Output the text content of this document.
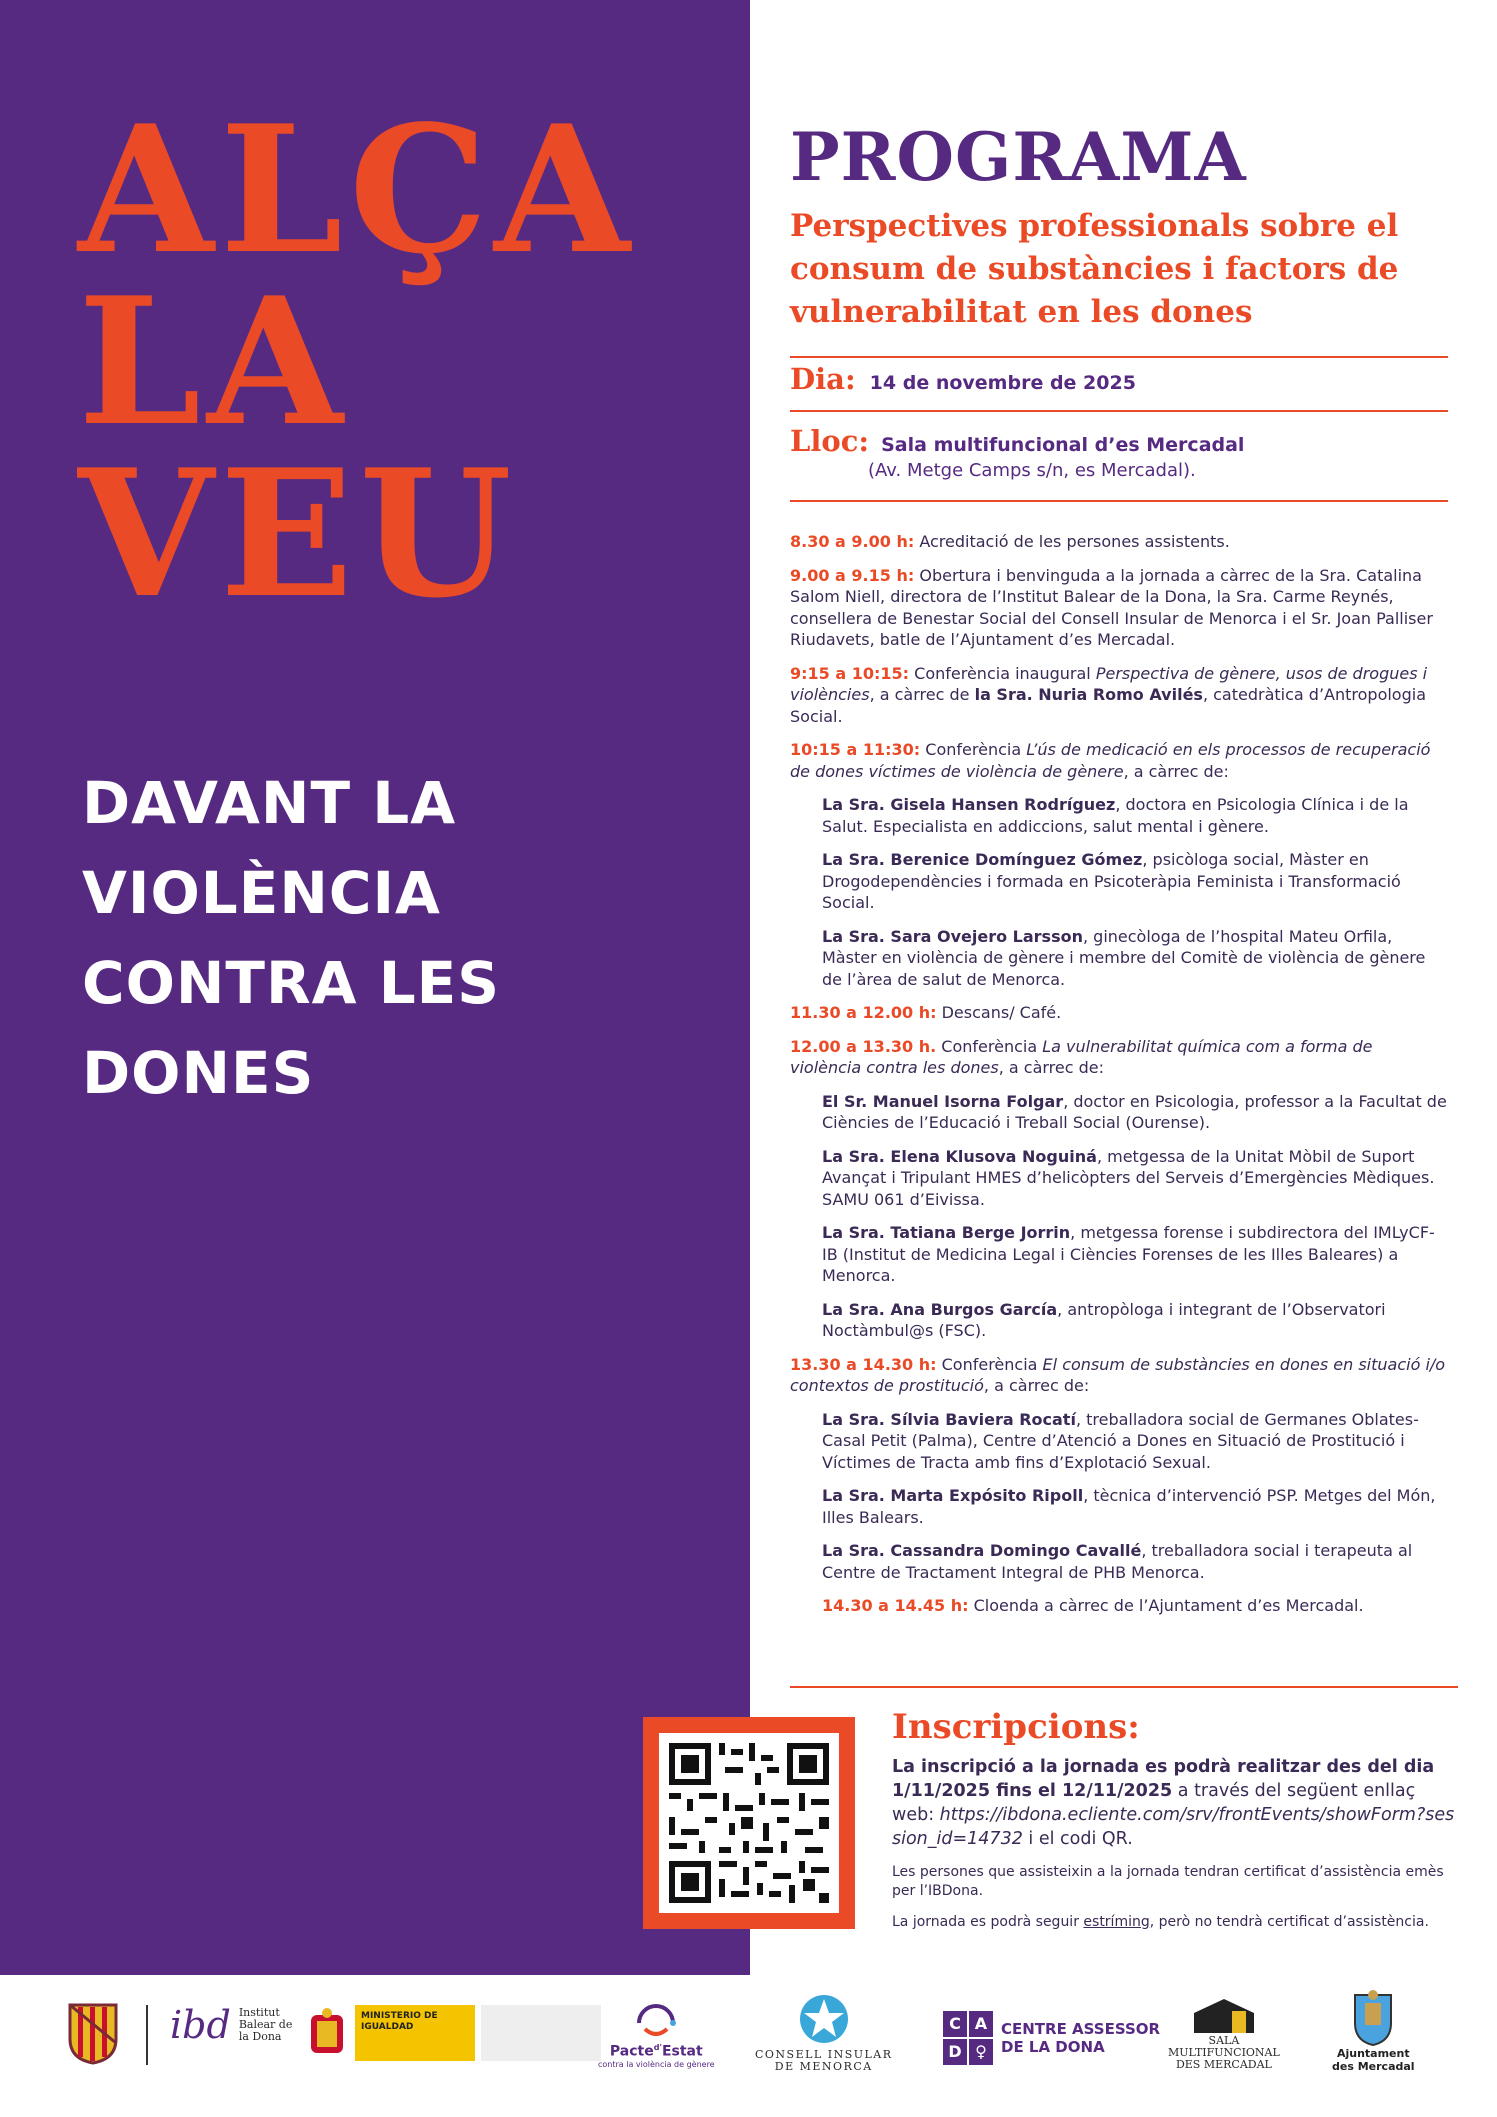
ALÇA
LA
VEU
DAVANT LA VIOLÈNCIA
CONTRA LES DONES
PROGRAMA
Perspectives professionals sobre el consum de substàncies i factors de vulnerabilitat en les dones
Dia: 14 de novembre de 2025
Lloc: Sala multifuncional d’es Mercadal
(Av. Metge Camps s/n, es Mercadal).
8.30 a 9.00 h: Acreditació de les persones assistents.
9.00 a 9.15 h: Obertura i benvinguda a la jornada a càrrec de la Sra. Catalina Salom Niell, directora de l’Institut Balear de la Dona, la Sra. Carme Reynés, consellera de Benestar Social del Consell Insular de Menorca i el Sr. Joan Palliser Riudavets, batle de l’Ajuntament d’es Mercadal.
9:15 a 10:15: Conferència inaugural Perspectiva de gènere, usos de drogues i violències, a càrrec de la Sra. Nuria Romo Avilés, catedràtica d’Antropologia Social.
10:15 a 11:30: Conferència L’ús de medicació en els processos de recuperació de dones víctimes de violència de gènere, a càrrec de:
La Sra. Gisela Hansen Rodríguez, doctora en Psicologia Clínica i de la Salut. Especialista en addiccions, salut mental i gènere.
La Sra. Berenice Domínguez Gómez, psicòloga social, Màster en Drogodependències i formada en Psicoteràpia Feminista i Transformació Social.
La Sra. Sara Ovejero Larsson, ginecòloga de l’hospital Mateu Orfila, Màster en violència de gènere i membre del Comitè de violència de gènere de l’àrea de salut de Menorca.
11.30 a 12.00 h: Descans/ Café.
12.00 a 13.30 h. Conferència La vulnerabilitat química com a forma de violència contra les dones, a càrrec de:
El Sr. Manuel Isorna Folgar, doctor en Psicologia, professor a la Facultat de Ciències de l’Educació i Treball Social (Ourense).
La Sra. Elena Klusova Noguiná, metgessa de la Unitat Mòbil de Suport Avançat i Tripulant HMES d’helicòpters del Serveis d’Emergències Mèdiques. SAMU 061 d’Eivissa.
La Sra. Tatiana Berge Jorrin, metgessa forense i subdirectora del IMLyCF-IB (Institut de Medicina Legal i Ciències Forenses de les Illes Baleares) a Menorca.
La Sra. Ana Burgos García, antropòloga i integrant de l’Observatori Noctàmbul@s (FSC).
13.30 a 14.30 h: Conferència El consum de substàncies en dones en situació i/o contextos de prostitució, a càrrec de:
La Sra. Sílvia Baviera Rocatí, treballadora social de Germanes Oblates-Casal Petit (Palma), Centre d’Atenció a Dones en Situació de Prostitució i Víctimes de Tracta amb fins d’Explotació Sexual.
La Sra. Marta Expósito Ripoll, tècnica d’intervenció PSP. Metges del Món, Illes Balears.
La Sra. Cassandra Domingo Cavallé, treballadora social i terapeuta al Centre de Tractament Integral de PHB Menorca.
14.30 a 14.45 h: Cloenda a càrrec de l’Ajuntament d’es Mercadal.
Inscripcions:
La inscripció a la jornada es podrà realitzar des del dia 1/11/2025 fins el 12/11/2025 a través del següent enllaç web: https://ibdona.ecliente.com/srv/frontEvents/showForm?session_id=14732 i el codi QR.
Les persones que assisteixin a la jornada tendran certificat d’assistència emès per l’IBDona.
La jornada es podrà seguir estríming, però no tendrà certificat d’assistència.
ibd Institut
Balear de
la Dona
MINISTERIO DE IGUALDAD
Pacte$^{d'}$Estat
contra la violència de gènere
CONSELL INSULAR
DE MENORCA
C A
D ♀
CENTRE ASSESSOR
DE LA DONA	SALA
MULTIFUNCIONAL
DES MERCADAL
Ajuntament
des Mercadal
